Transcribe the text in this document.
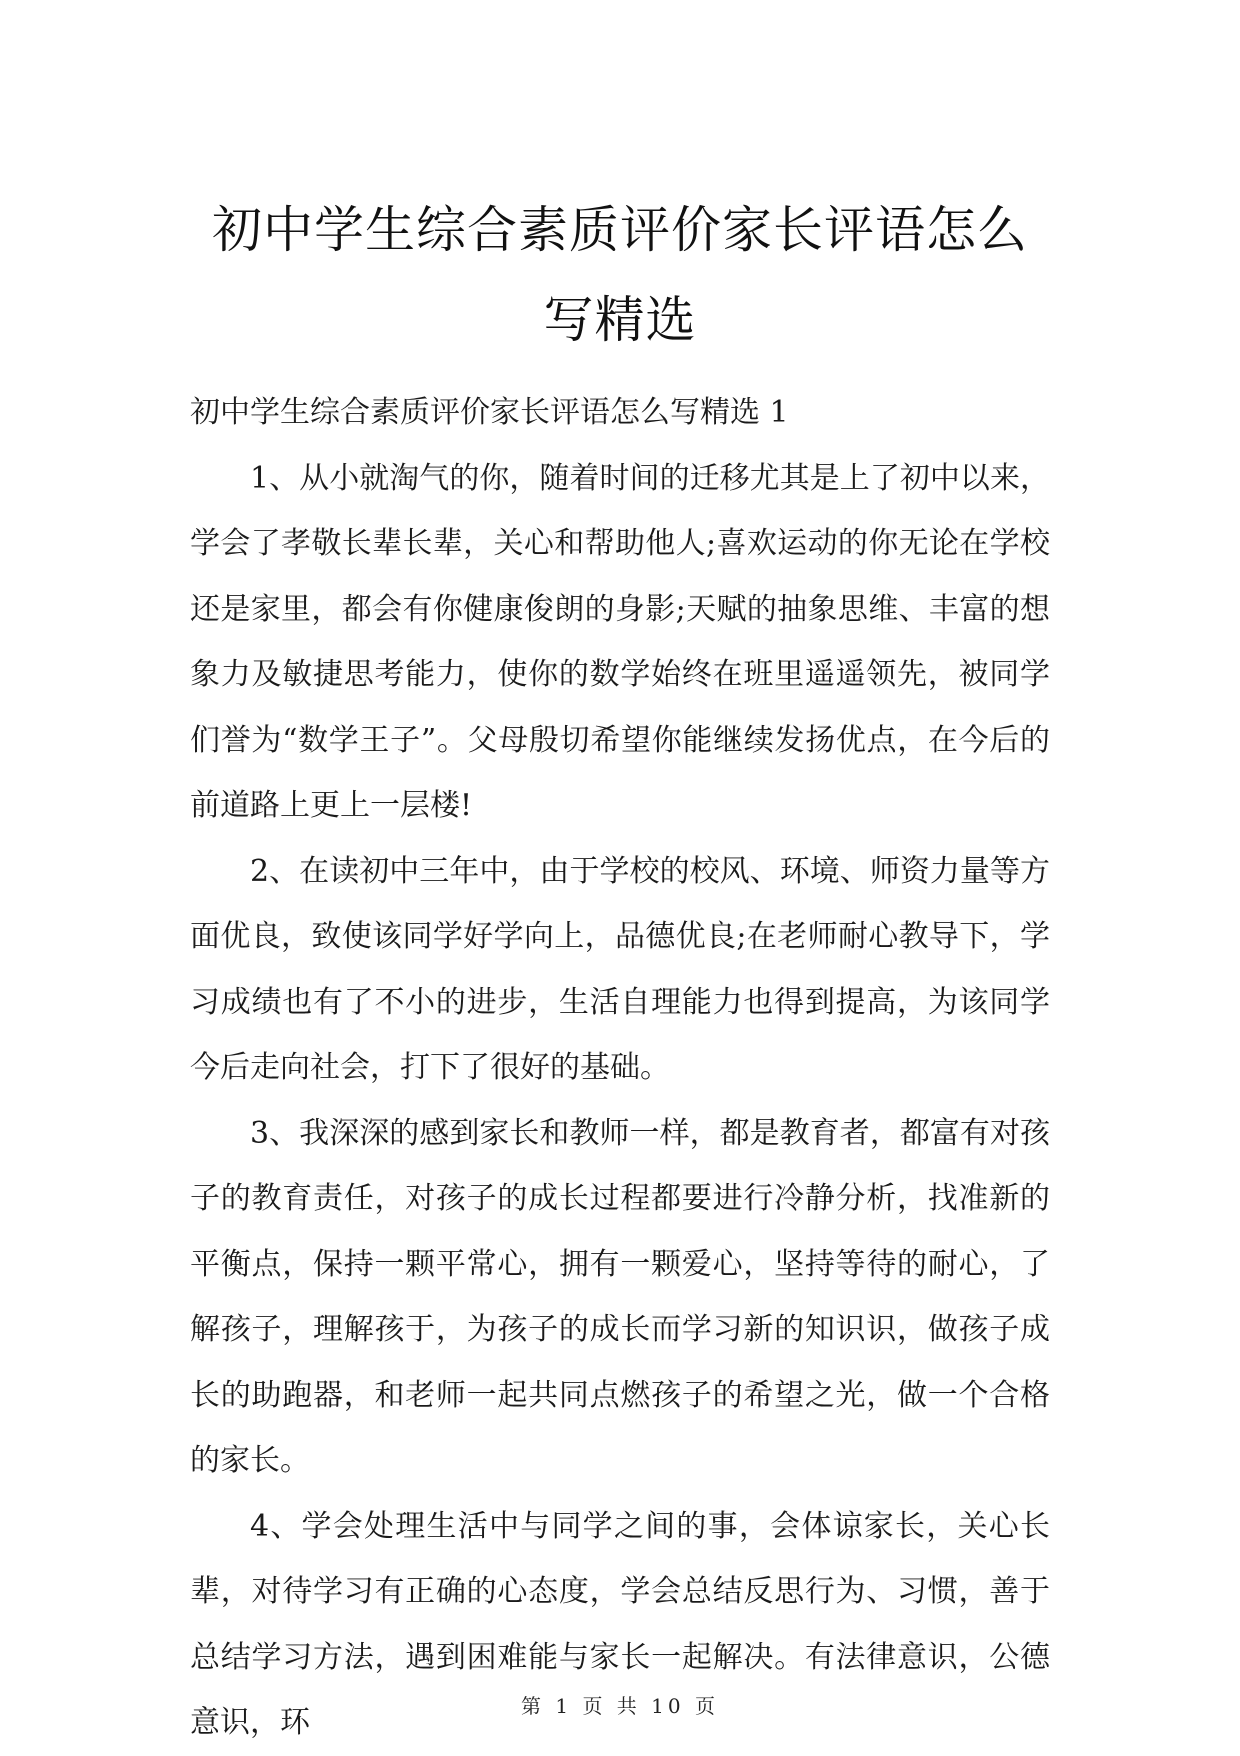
初中学生综合素质评价家长评语怎么写精选

初中学生综合素质评价家长评语怎么写精选 1

1、从小就淘气的你，随着时间的迁移尤其是上了初中以来，学会了孝敬长辈长辈，关心和帮助他人;喜欢运动的你无论在学校还是家里，都会有你健康俊朗的身影;天赋的抽象思维、丰富的想象力及敏捷思考能力，使你的数学始终在班里遥遥领先，被同学们誉为“数学王子”。父母殷切希望你能继续发扬优点，在今后的前道路上更上一层楼!

2、在读初中三年中，由于学校的校风、环境、师资力量等方面优良，致使该同学好学向上，品德优良;在老师耐心教导下，学习成绩也有了不小的进步，生活自理能力也得到提高，为该同学今后走向社会，打下了很好的基础。

3、我深深的感到家长和教师一样，都是教育者，都富有对孩子的教育责任，对孩子的成长过程都要进行冷静分析，找准新的平衡点，保持一颗平常心，拥有一颗爱心，坚持等待的耐心，了解孩子，理解孩于，为孩子的成长而学习新的知识识，做孩子成长的助跑器，和老师一起共同点燃孩子的希望之光，做一个合格的家长。

4、学会处理生活中与同学之间的事，会体谅家长，关心长辈，对待学习有正确的心态度，学会总结反思行为、习惯，善于总结学习方法，遇到困难能与家长一起解决。有法律意识，公德意识，环	第 1 页 共 10 页
